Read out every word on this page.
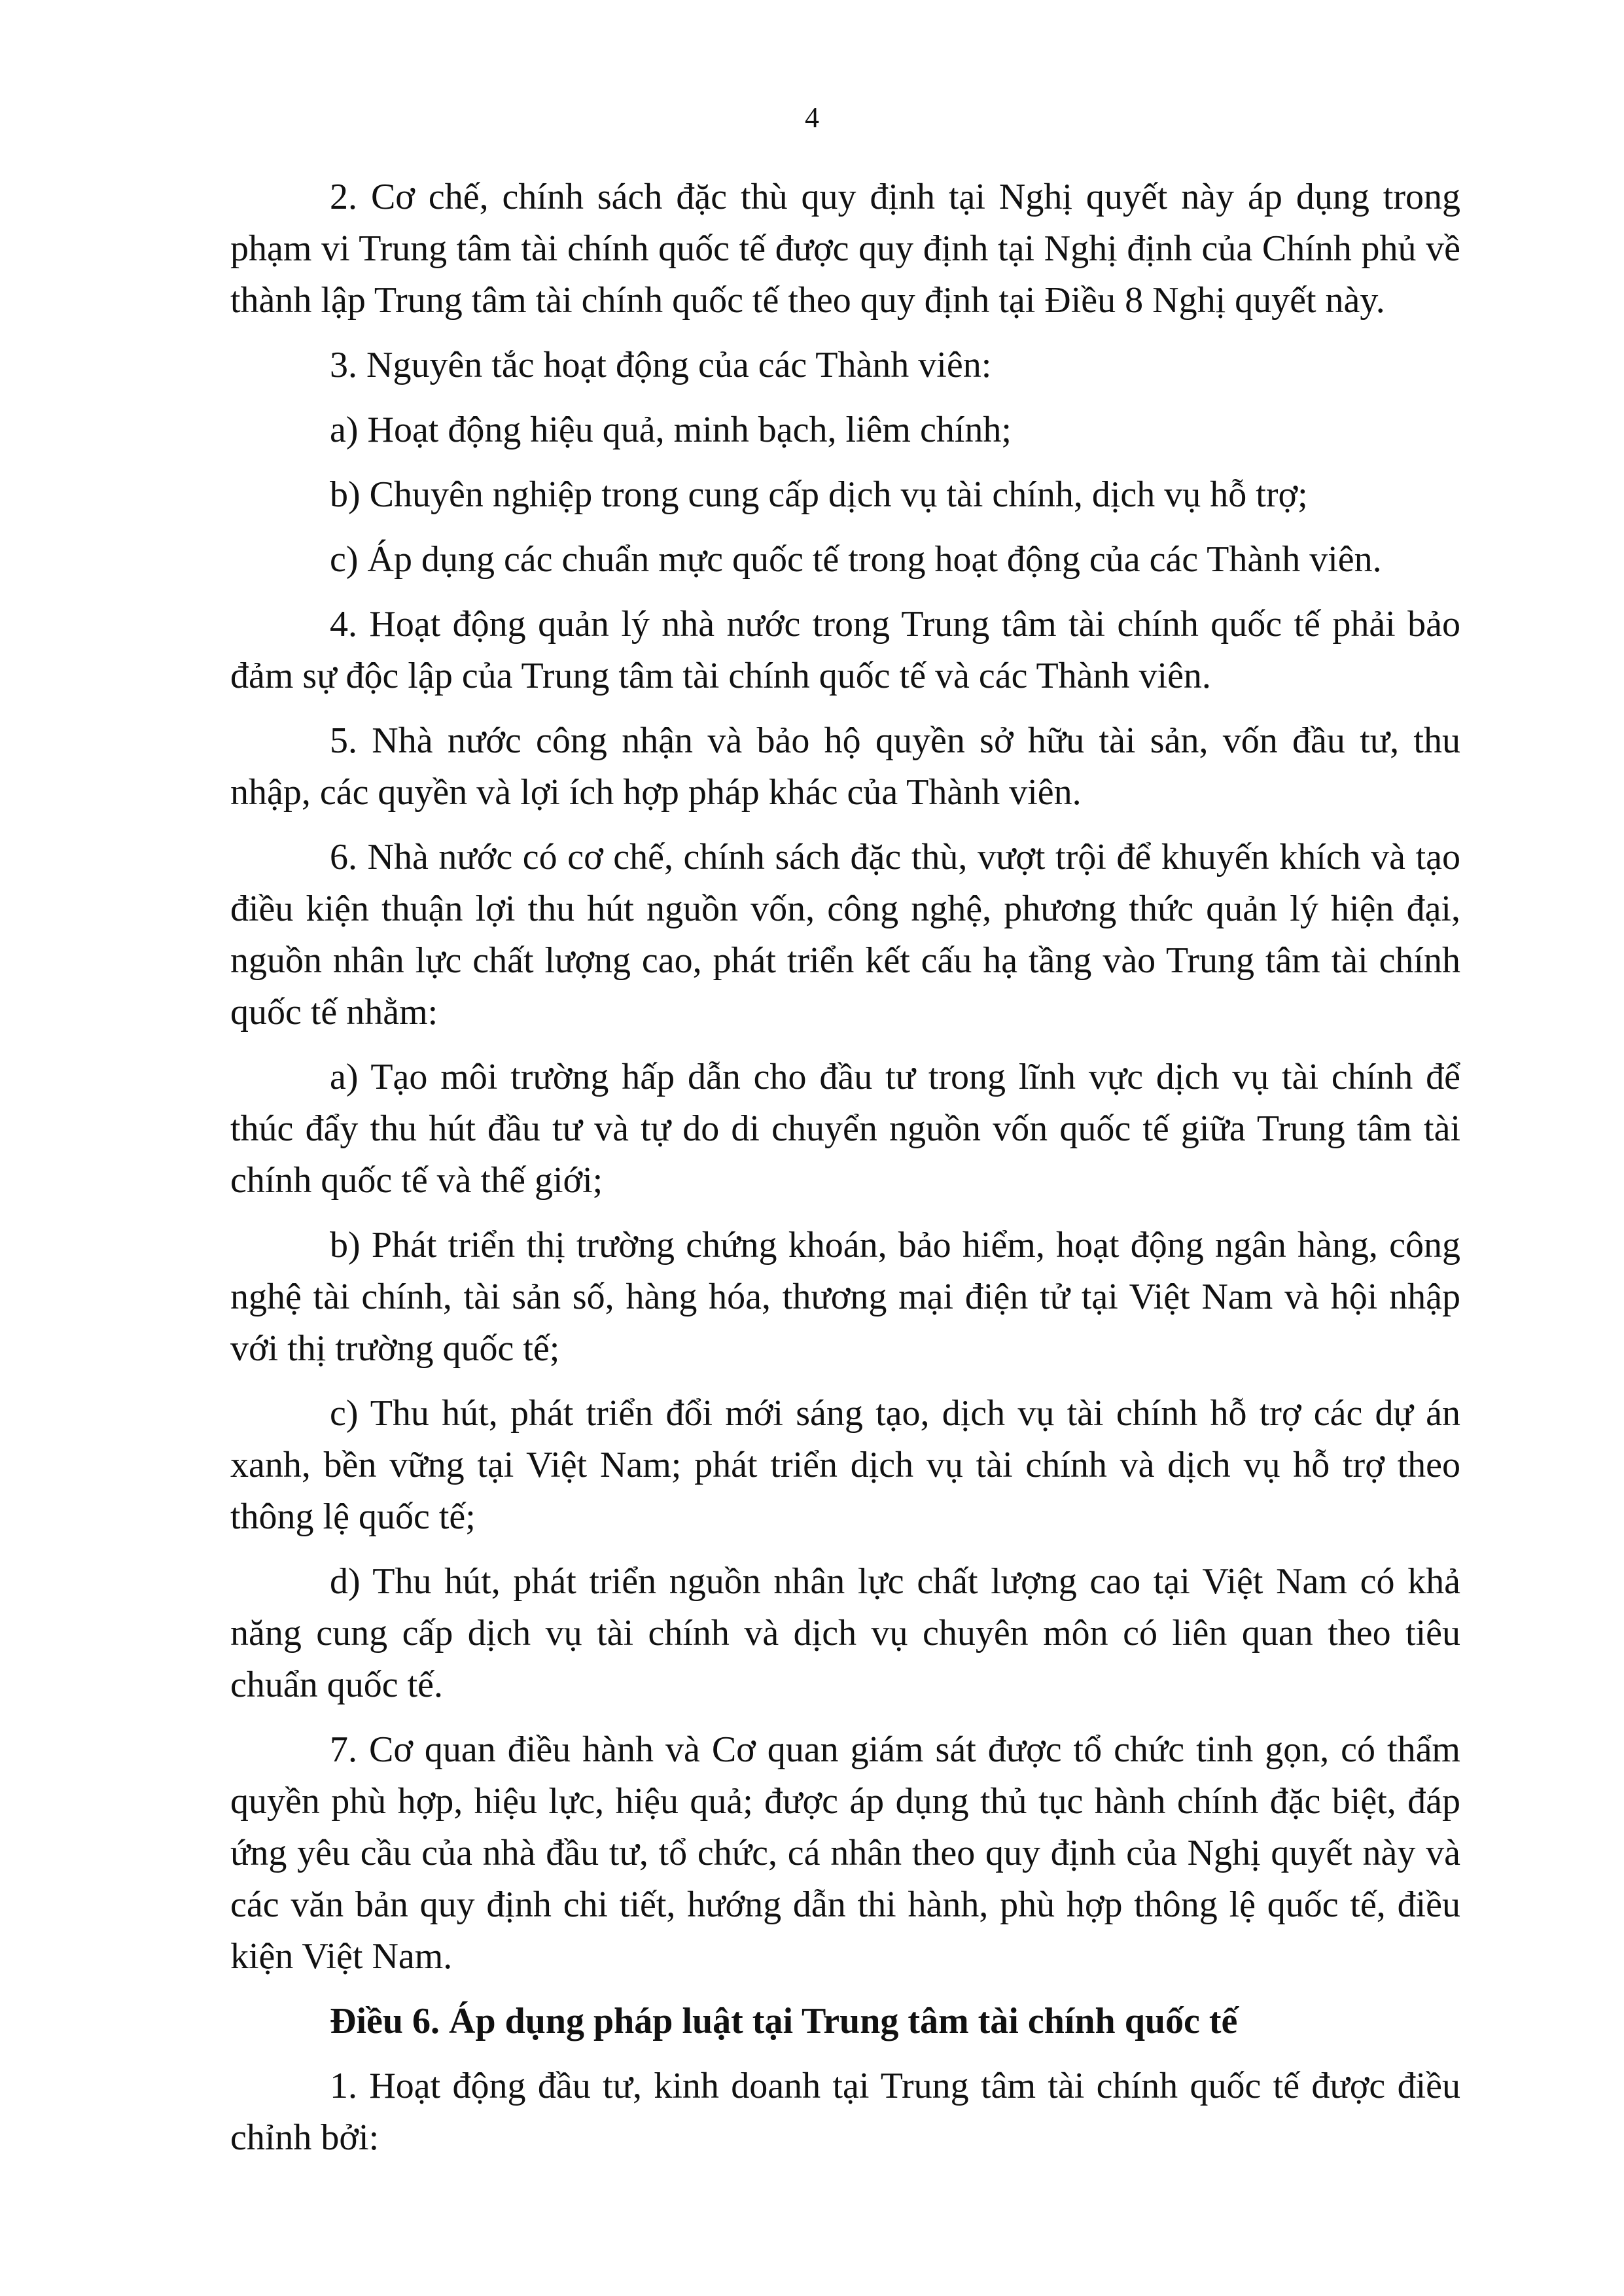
4

2. Cơ chế, chính sách đặc thù quy định tại Nghị quyết này áp dụng trong phạm vi Trung tâm tài chính quốc tế được quy định tại Nghị định của Chính phủ về thành lập Trung tâm tài chính quốc tế theo quy định tại Điều 8 Nghị quyết này.

3. Nguyên tắc hoạt động của các Thành viên:

a) Hoạt động hiệu quả, minh bạch, liêm chính;

b) Chuyên nghiệp trong cung cấp dịch vụ tài chính, dịch vụ hỗ trợ;

c) Áp dụng các chuẩn mực quốc tế trong hoạt động của các Thành viên.

4. Hoạt động quản lý nhà nước trong Trung tâm tài chính quốc tế phải bảo đảm sự độc lập của Trung tâm tài chính quốc tế và các Thành viên.

5. Nhà nước công nhận và bảo hộ quyền sở hữu tài sản, vốn đầu tư, thu nhập, các quyền và lợi ích hợp pháp khác của Thành viên.

6. Nhà nước có cơ chế, chính sách đặc thù, vượt trội để khuyến khích và tạo điều kiện thuận lợi thu hút nguồn vốn, công nghệ, phương thức quản lý hiện đại, nguồn nhân lực chất lượng cao, phát triển kết cấu hạ tầng vào Trung tâm tài chính quốc tế nhằm:

a) Tạo môi trường hấp dẫn cho đầu tư trong lĩnh vực dịch vụ tài chính để thúc đẩy thu hút đầu tư và tự do di chuyển nguồn vốn quốc tế giữa Trung tâm tài chính quốc tế và thế giới;

b) Phát triển thị trường chứng khoán, bảo hiểm, hoạt động ngân hàng, công nghệ tài chính, tài sản số, hàng hóa, thương mại điện tử tại Việt Nam và hội nhập với thị trường quốc tế;

c) Thu hút, phát triển đổi mới sáng tạo, dịch vụ tài chính hỗ trợ các dự án xanh, bền vững tại Việt Nam; phát triển dịch vụ tài chính và dịch vụ hỗ trợ theo thông lệ quốc tế;

d) Thu hút, phát triển nguồn nhân lực chất lượng cao tại Việt Nam có khả năng cung cấp dịch vụ tài chính và dịch vụ chuyên môn có liên quan theo tiêu chuẩn quốc tế.

7. Cơ quan điều hành và Cơ quan giám sát được tổ chức tinh gọn, có thẩm quyền phù hợp, hiệu lực, hiệu quả; được áp dụng thủ tục hành chính đặc biệt, đáp ứng yêu cầu của nhà đầu tư, tổ chức, cá nhân theo quy định của Nghị quyết này và các văn bản quy định chi tiết, hướng dẫn thi hành, phù hợp thông lệ quốc tế, điều kiện Việt Nam.

Điều 6. Áp dụng pháp luật tại Trung tâm tài chính quốc tế

1. Hoạt động đầu tư, kinh doanh tại Trung tâm tài chính quốc tế được điều chỉnh bởi:
